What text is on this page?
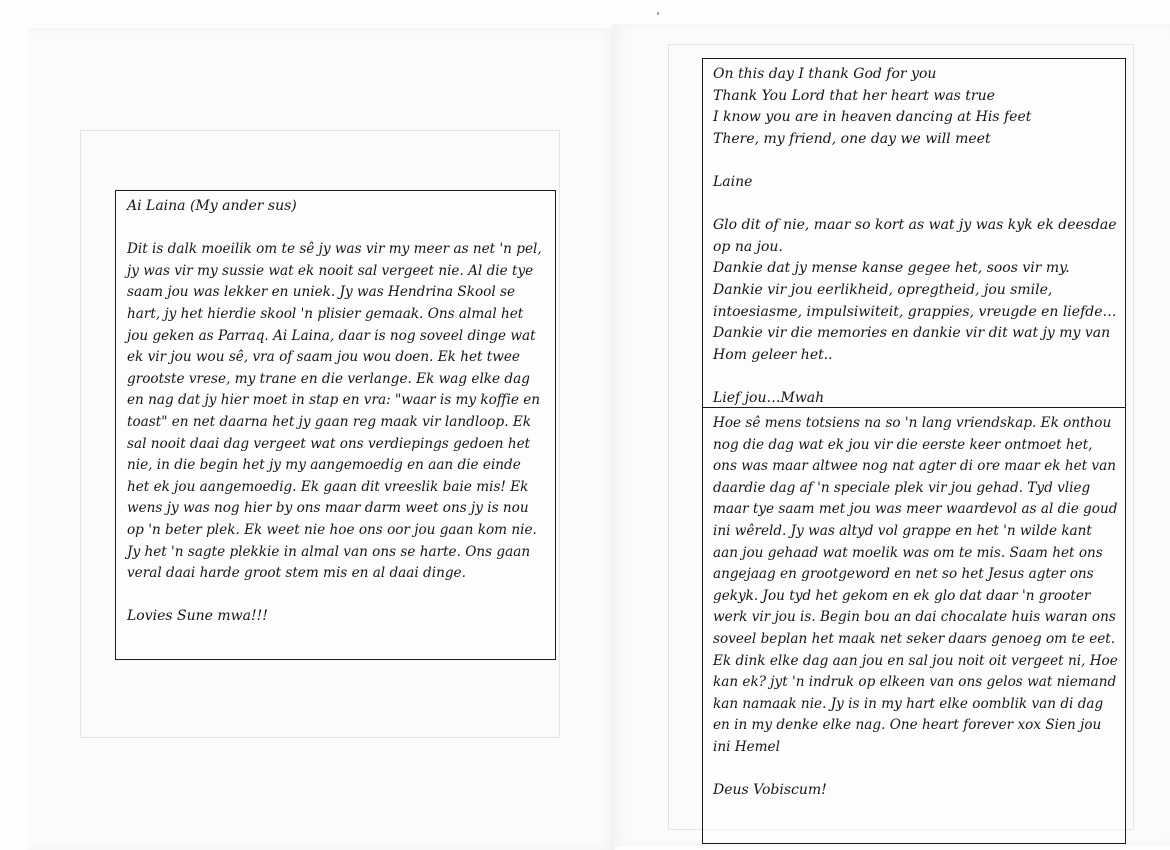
Ai Laina (My ander sus)

Dit is dalk moeilik om te sê jy was vir my meer as net 'n pel, jy was vir my sussie wat ek nooit sal vergeet nie. Al die tye saam jou was lekker en uniek. Jy was Hendrina Skool se hart, jy het hierdie skool 'n plisier gemaak. Ons almal het jou geken as Parraq. Ai Laina, daar is nog soveel dinge wat ek vir jou wou sê, vra of saam jou wou doen. Ek het twee grootste vrese, my trane en die verlange. Ek wag elke dag en nag dat jy hier moet in stap en vra: "waar is my koffie en toast" en net daarna het jy gaan reg maak vir landloop. Ek sal nooit daai dag vergeet wat ons verdiepings gedoen het nie, in die begin het jy my aangemoedig en aan die einde het ek jou aangemoedig. Ek gaan dit vreeslik baie mis! Ek wens jy was nog hier by ons maar darm weet ons jy is nou op 'n beter plek. Ek weet nie hoe ons oor jou gaan kom nie. Jy het 'n sagte plekkie in almal van ons se harte. Ons gaan veral daai harde groot stem mis en al daai dinge.

Lovies Sune mwa!!!

On this day I thank God for you

Thank You Lord that her heart was true

I know you are in heaven dancing at His feet

There, my friend, one day we will meet

Laine

Glo dit of nie, maar so kort as wat jy was kyk ek deesdae op na jou.

Dankie dat jy mense kanse gegee het, soos vir my. Dankie vir jou eerlikheid, opregtheid, jou smile, intoesiasme, impulsiwiteit, grappies, vreugde en liefde…Dankie vir die memories en dankie vir dit wat jy my van Hom geleer het..

Lief jou…Mwah

Hoe sê mens totsiens na so 'n lang vriendskap. Ek onthou nog die dag wat ek jou vir die eerste keer ontmoet het, ons was maar altwee nog nat agter di ore maar ek het van daardie dag af 'n speciale plek vir jou gehad. Tyd vlieg maar tye saam met jou was meer waardevol as al die goud ini wêreld. Jy was altyd vol grappe en het 'n wilde kant aan jou gehaad wat moelik was om te mis. Saam het ons angejaag en grootgeword en net so het Jesus agter ons gekyk. Jou tyd het gekom en ek glo dat daar 'n grooter werk vir jou is. Begin bou an dai chocalate huis waran ons soveel beplan het maak net seker daars genoeg om te eet. Ek dink elke dag aan jou en sal jou noit oit vergeet ni, Hoe kan ek? jyt 'n indruk op elkeen van ons gelos wat niemand kan namaak nie. Jy is in my hart elke oomblik van di dag en in my denke elke nag. One heart forever xox Sien jou ini Hemel

Deus Vobiscum!
